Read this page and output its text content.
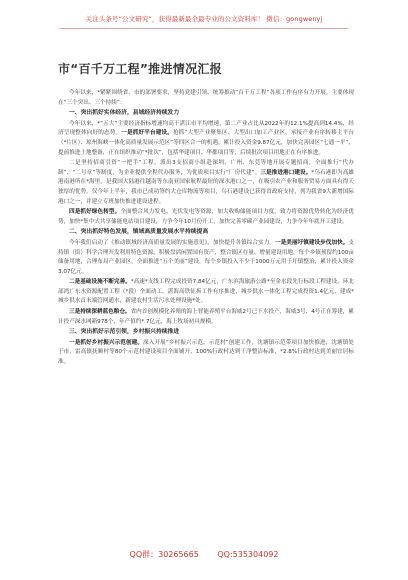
关注头条号“公文研究”，获得最新最全最专业的公文资料库！ 微信：gongwenyj
市“百千万工程”推进情况汇报

今年以来，*紧紧围绕省、市的部署要求，坚持党建引领、统筹推动“百千万工程”各项工作有序有力开展。主要体现在“三个突出、三个持续”：

一、突出抓好实体经济，县域经济持续发力

今年以来，*“五大”主要经济指标增速均高于湛江市平均增速，第二产业占比从2022年的12.1%提高到14.4%，经济呈现整体向好的态势。一是抓好平台建设。抢抓“大型产业聚集区、大型出口加工产业区、承接产业有序转移主平台（*片区）、琼州海峡一体化高质量发展示范区”等四区合一的机遇，累计投入资金9.87亿元，加快完善园区“七通一平”，提前推进土地整备，正在组织推动“*批次”，包括华建项目、华都项目等，后续批次项目用地正在有序推进。

二是坚持招商引资“一把手”工程，派出3支招商小组赴深圳、广州、东莞等地开展专题招商，全面推行“代办制”、“二号章”等制度，为企业提供全程代办服务，为优质项目实行“厂房代建”。三是推进港口建设。*乌石港即为高雄港南港所在*海里，是我国大陆港往越南等东南亚国家航程最短的深水港口之一，在吸引农产业和服务贸易方面具有得天独厚的优势。仅今年上半年，我市已成功签约大仓库物流等项目，乌石港建设已获得省政府支持，列为我省9大新增国际港口之一，并建立专班加快推进建设进程。

四是抓好绿色转型。全面整合风力发电、光伏发电等资源，加大收购储能项目力度，致力将资源优势转化为经济优势，加快*集中式共享储能电站项目建设，力争今年10月份开工，加快完善零碳产业园建设，力争今年年底开工建设。

二、突出抓好特色发展，镇域高质量发展水平持续提高

今年我们启动了《推动镇域经济高质量发展的实施意见》，加快提升各镇综合实力。一是美丽圩镇建设步伐加快。支持镇（街）科学合理开发利用特色资源，积极盘活闲置国有资产，整合镇区存量、增量建设用地，每个乡镇预留约100亩储备用地，合理布局产业园区。全面推进“五个美丽”建设，每个乡镇投入不少于1000万元用于圩镇整治，累计投入资金3.07亿元。

二是基础设施不断完善。*高速*支线工程完成投资7.84亿元，广东滨海旅游公路*至金水段先行标段工程建设，环北部湾广东水资源配置工程（*段）全面动工，湛海高铁征拆工作有序推进，城乡供水一体化工程完成投资1.4亿元，建成*城乡供水首末端管网通水，新建农村生活污水处理设施*处。

三是持续深耕蓝色粮仓。省内首创规模化养殖的海上智能养殖平台海威2号已下水投产，海威3号、4号正在筹建，累计投产深水网箱978个，年产值约*.7亿元，海上牧场初具规模。

三、突出抓好示范引领，乡村振兴持续推进

一是抓好乡村振兴示范创建。深入开展“乡村振兴示范、示范村”创建工作，沈塘镇示范带项目加快推进，沈塘镇处于市，雷高镇抚顺村等80个示范村建设项目全面铺开，100%行政村达到干净整洁标准，*2.8%行政村达到美丽宜居标准。

QQ群：30265665 QQ:535304092
